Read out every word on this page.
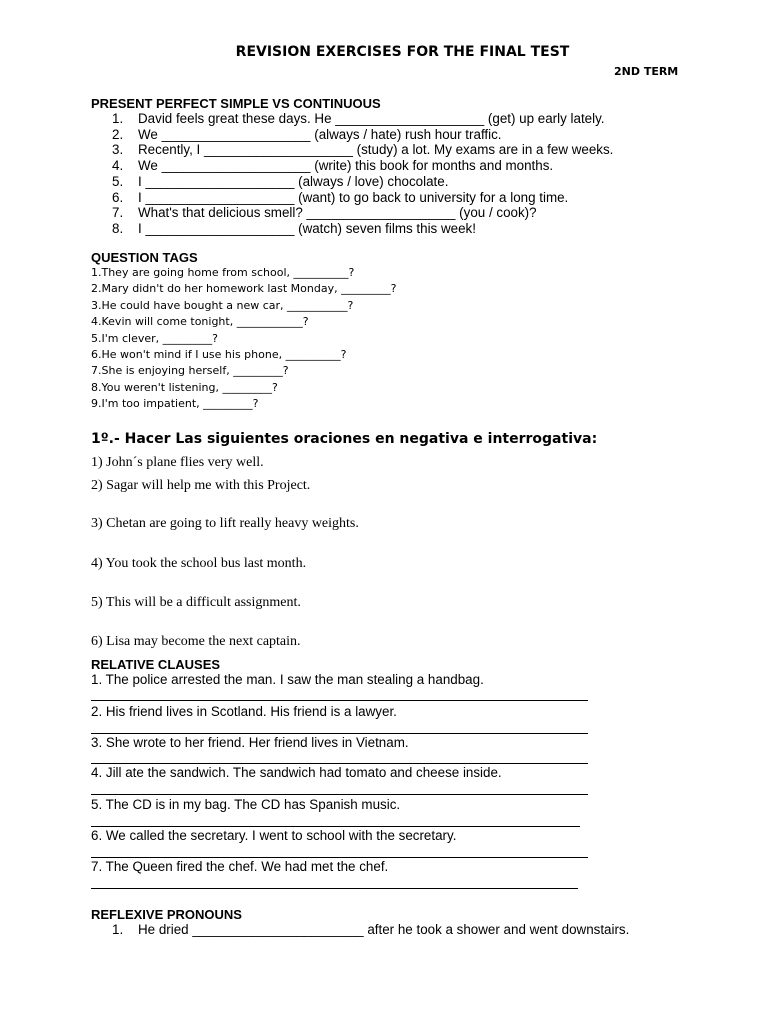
REVISION EXERCISES FOR THE FINAL TEST
2ND TERM
PRESENT PERFECT SIMPLE VS CONTINUOUS
1. David feels great these days. He ____________________ (get) up early lately.
2. We ____________________ (always / hate) rush hour traffic.
3. Recently, I ____________________ (study) a lot. My exams are in a few weeks.
4. We ____________________ (write) this book for months and months.
5. I ____________________ (always / love) chocolate.
6. I ____________________ (want) to go back to university for a long time.
7. What's that delicious smell? ____________________ (you / cook)?
8. I ____________________ (watch) seven films this week!
QUESTION TAGS
1.They are going home from school, __________?
2.Mary didn't do her homework last Monday, _________?
3.He could have bought a new car, ___________?
4.Kevin will come tonight, ____________?
5.I'm clever, _________?
6.He won't mind if I use his phone, __________?
7.She is enjoying herself, _________?
8.You weren't listening, _________?
9.I'm too impatient, _________?
1º.- Hacer Las siguientes oraciones en negativa e interrogativa:
1) John´s plane flies very well.
2) Sagar will help me with this Project.
3) Chetan are going to lift really heavy weights.
4) You took the school bus last month.
5) This will be a difficult assignment.
6) Lisa may become the next captain.
RELATIVE CLAUSES
1. The police arrested the man. I saw the man stealing a handbag.
2. His friend lives in Scotland. His friend is a lawyer.
3. She wrote to her friend. Her friend lives in Vietnam.
4. Jill ate the sandwich. The sandwich had tomato and cheese inside.
5. The CD is in my bag. The CD has Spanish music.
6. We called the secretary. I went to school with the secretary.
7. The Queen fired the chef. We had met the chef.
REFLEXIVE PRONOUNS
1. He dried _______________________ after he took a shower and went downstairs.
